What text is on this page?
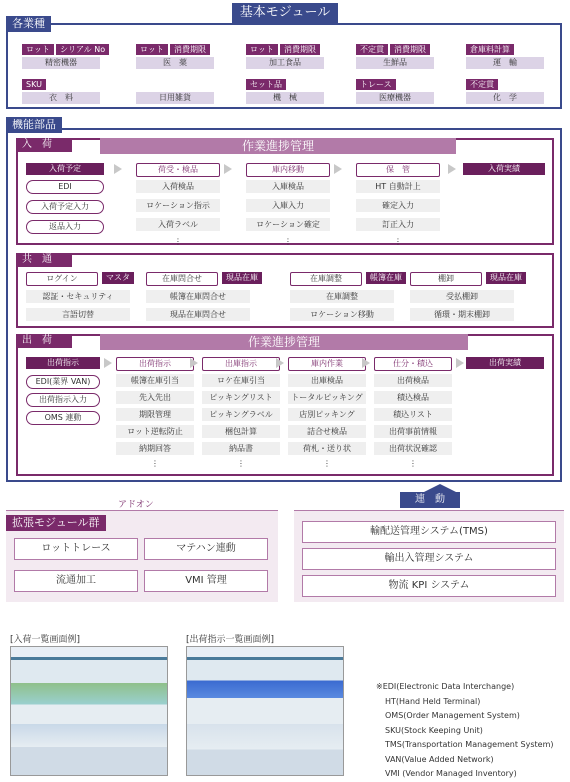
基本モジュール
各業種
機能部品
入　荷	作業進捗管理
入荷予定	入荷実績
共　通
出　荷	作業進捗管理
出荷指示	出荷実績
アドオン
拡張モジュール群
連　動
[入荷一覧画面例]	[出荷指示一覧画面例]
ロット	シリアル No
精密機器
ロット	消費期限
医　薬
ロット	消費期限
加工食品
不定貫	消費期限
生鮮品
倉庫料計算
運　輸
SKU
衣　料	日用雑貨
セット品
機　械
トレース
医療機器
不定貫
化　学
EDI
入荷予定入力
返品入力
荷受・検品
入荷検品
ロケーション指示
入荷ラベル
⋮
庫内移動
入庫検品
入庫入力
ロケーション確定
⋮
保　管
HT 自動計上
確定入力
訂正入力
⋮
ログイン	マスタ
認証・セキュリティ
言語切替
在庫問合せ	現品在庫
帳簿在庫問合せ
現品在庫問合せ
在庫調整	帳簿在庫
在庫調整
ロケーション移動
棚卸	現品在庫
受払棚卸
循環・期末棚卸
EDI(業界 VAN)
出荷指示入力
OMS 連動
出荷指示
帳簿在庫引当
先入先出
期限管理
ロット逆転防止
納期回答
⋮
出庫指示
ロケ在庫引当
ピッキングリスト
ピッキングラベル
梱包計算
納品書
⋮
庫内作業
出庫検品
トータルピッキング
店別ピッキング
詰合せ検品
荷札・送り状
⋮
仕分・積込
出荷検品
積込検品
積込リスト
出荷事前情報
出荷状況確認
⋮
ロットトレース	マテハン連動
流通加工	VMI 管理
輸配送管理システム(TMS)
輸出入管理システム
物流 KPI システム
※EDI(Electronic Data Interchange)
HT(Hand Held Terminal)
OMS(Order Management System)
SKU(Stock Keeping Unit)
TMS(Transportation Management System)
VAN(Value Added Network)
VMI (Vendor Managed Inventory)
